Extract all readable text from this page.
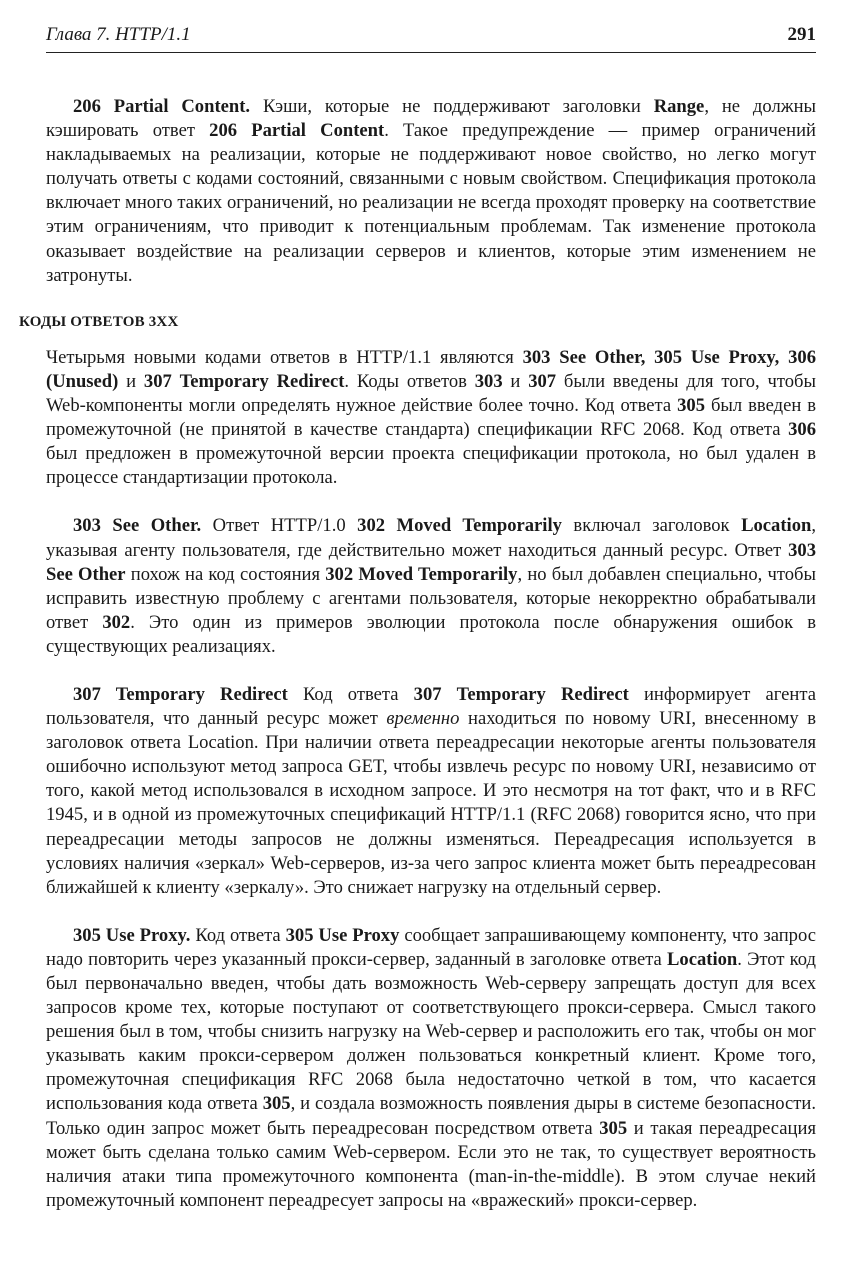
Глава 7. HTTP/1.1	291

206 Partial Content. Кэши, которые не поддерживают заголовки Range, не должны кэшировать ответ 206 Partial Content. Такое предупреждение — пример ограничений накладываемых на реализации, которые не поддерживают новое свойство, но легко могут получать ответы с кодами состояний, связанными с новым свойством. Спецификация протокола включает много таких ограничений, но реализации не всегда проходят проверку на соответствие этим ограничениям, что приводит к потенциальным проблемам. Так изменение протокола оказывает воздействие на реализации серверов и клиентов, которые этим изменением не затронуты.

КОДЫ ОТВЕТОВ 3XX
Четырьмя новыми кодами ответов в HTTP/1.1 являются 303 See Other, 305 Use Proxy, 306 (Unused) и 307 Temporary Redirect. Коды ответов 303 и 307 были введены для того, чтобы Web-компоненты могли определять нужное действие более точно. Код ответа 305 был введен в промежуточной (не принятой в качестве стандарта) спецификации RFC 2068. Код ответа 306 был предложен в промежуточной версии проекта спецификации протокола, но был удален в процессе стандартизации протокола.

303 See Other. Ответ HTTP/1.0 302 Moved Temporarily включал заголовок Location, указывая агенту пользователя, где действительно может находиться данный ресурс. Ответ 303 See Other похож на код состояния 302 Moved Temporarily, но был добавлен специально, чтобы исправить известную проблему с агентами пользователя, которые некорректно обрабатывали ответ 302. Это один из примеров эволюции протокола после обнаружения ошибок в существующих реализациях.

307 Temporary Redirect Код ответа 307 Temporary Redirect информирует агента пользователя, что данный ресурс может временно находиться по новому URI, внесенному в заголовок ответа Location. При наличии ответа переадресации некоторые агенты пользователя ошибочно используют метод запроса GET, чтобы извлечь ресурс по новому URI, независимо от того, какой метод использовался в исходном запросе. И это несмотря на тот факт, что и в RFC 1945, и в одной из промежуточных спецификаций HTTP/1.1 (RFC 2068) говорится ясно, что при переадресации методы запросов не должны изменяться. Переадресация используется в условиях наличия «зеркал» Web-серверов, из-за чего запрос клиента может быть переадресован ближайшей к клиенту «зеркалу». Это снижает нагрузку на отдельный сервер.

305 Use Proxy. Код ответа 305 Use Proxy сообщает запрашивающему компоненту, что запрос надо повторить через указанный прокси-сервер, заданный в заголовке ответа Location. Этот код был первоначально введен, чтобы дать возможность Web-серверу запрещать доступ для всех запросов кроме тех, которые поступают от соответствующего прокси-сервера. Смысл такого решения был в том, чтобы снизить нагрузку на Web-сервер и расположить его так, чтобы он мог указывать каким прокси-сервером должен пользоваться конкретный клиент. Кроме того, промежуточная спецификация RFC 2068 была недостаточно четкой в том, что касается использования кода ответа 305, и создала возможность появления дыры в системе безопасности. Только один запрос может быть переадресован посредством ответа 305 и такая переадресация может быть сделана только самим Web-сервером. Если это не так, то существует вероятность наличия атаки типа промежуточного компонента (man-in-the-middle). В этом случае некий промежуточный компонент переадресует запросы на «вражеский» прокси-сервер.
